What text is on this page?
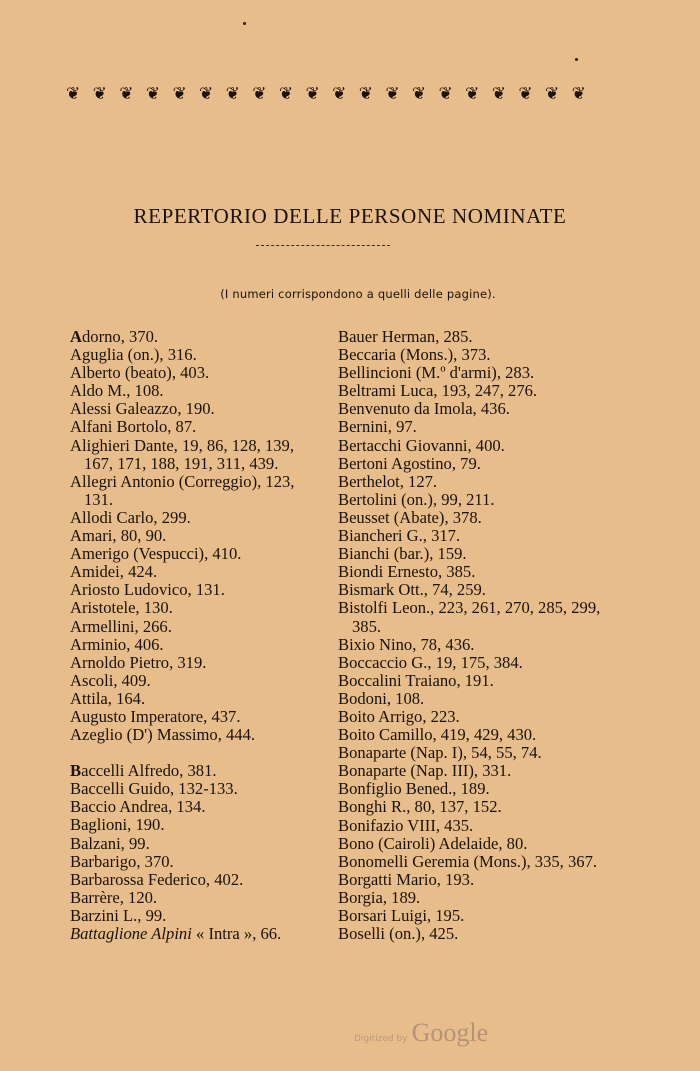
❦ ❦ ❦ ❦ ❦ ❦ ❦ ❦ ❦ ❦ ❦ ❦ ❦ ❦ ❦ ❦ ❦ ❦ ❦ ❦
REPERTORIO DELLE PERSONE NOMINATE
(I numeri corrispondono a quelli delle pagine).

Adorno, 370.

Aguglia (on.), 316.

Alberto (beato), 403.

Aldo M., 108.

Alessi Galeazzo, 190.

Alfani Bortolo, 87.

Alighieri Dante, 19, 86, 128, 139, 167, 171, 188, 191, 311, 439.

Allegri Antonio (Correggio), 123, 131.

Allodi Carlo, 299.

Amari, 80, 90.

Amerigo (Vespucci), 410.

Amidei, 424.

Ariosto Ludovico, 131.

Aristotele, 130.

Armellini, 266.

Arminio, 406.

Arnoldo Pietro, 319.

Ascoli, 409.

Attila, 164.

Augusto Imperatore, 437.

Azeglio (D') Massimo, 444.

Baccelli Alfredo, 381.

Baccelli Guido, 132-133.

Baccio Andrea, 134.

Baglioni, 190.

Balzani, 99.

Barbarigo, 370.

Barbarossa Federico, 402.

Barrère, 120.

Barzini L., 99.

Battaglione Alpini « Intra », 66.

Bauer Herman, 285.

Beccaria (Mons.), 373.

Bellincioni (M.º d'armi), 283.

Beltrami Luca, 193, 247, 276.

Benvenuto da Imola, 436.

Bernini, 97.

Bertacchi Giovanni, 400.

Bertoni Agostino, 79.

Berthelot, 127.

Bertolini (on.), 99, 211.

Beusset (Abate), 378.

Biancheri G., 317.

Bianchi (bar.), 159.

Biondi Ernesto, 385.

Bismark Ott., 74, 259.

Bistolfi Leon., 223, 261, 270, 285, 299, 385.

Bixio Nino, 78, 436.

Boccaccio G., 19, 175, 384.

Boccalini Traiano, 191.

Bodoni, 108.

Boito Arrigo, 223.

Boito Camillo, 419, 429, 430.

Bonaparte (Nap. I), 54, 55, 74.

Bonaparte (Nap. III), 331.

Bonfiglio Bened., 189.

Bonghi R., 80, 137, 152.

Bonifazio VIII, 435.

Bono (Cairoli) Adelaide, 80.

Bonomelli Geremia (Mons.), 335, 367.

Borgatti Mario, 193.

Borgia, 189.

Borsari Luigi, 195.

Boselli (on.), 425.

Digitized by Google
